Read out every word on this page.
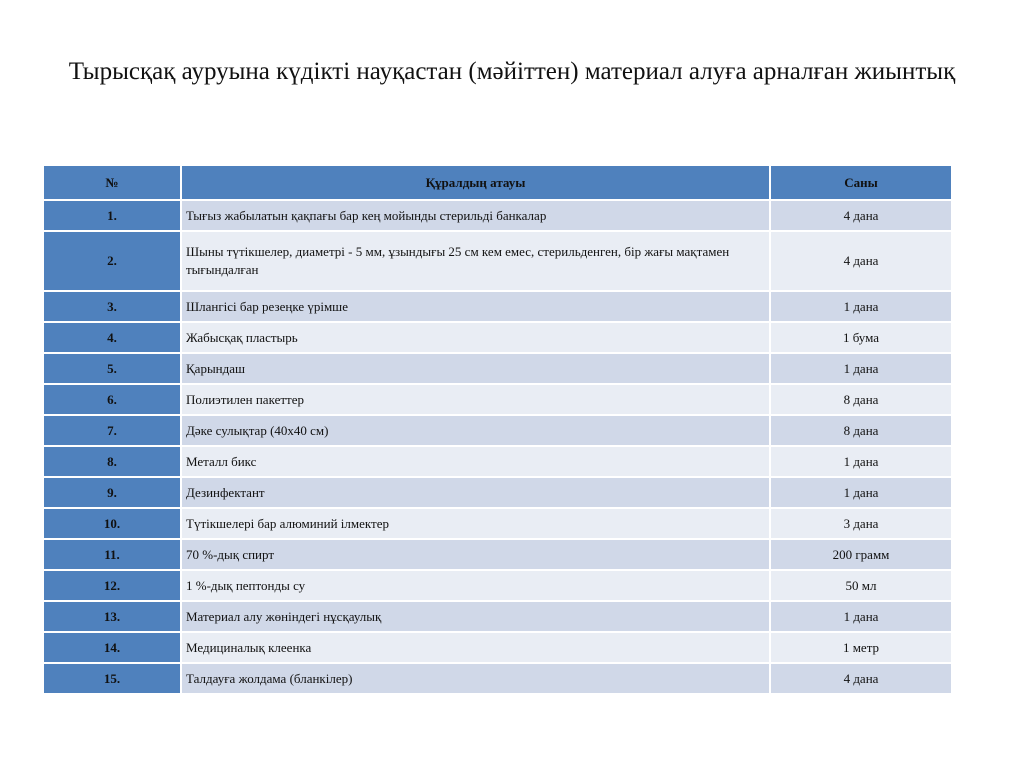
Тырысқақ ауруына күдікті науқастан (мәйіттен) материал алуға арналған жиынтық
№	Құралдың атауы	Саны
1.	Тығыз жабылатын қақпағы бар кең мойынды стерильді банкалар	4 дана
2.	Шыны түтікшелер, диаметрі - 5 мм, ұзындығы 25 см кем емес, стерильденген, бір жағы мақтамен тығындалған	4 дана
3.	Шлангісі бар резеңке үрімше	1 дана
4.	Жабысқақ пластырь	1 бума
5.	Қарындаш	1 дана
6.	Полиэтилен пакеттер	8 дана
7.	Дәке сулықтар (40х40 см)	8 дана
8.	Металл бикс	1 дана
9.	Дезинфектант	1 дана
10.	Түтікшелері бар алюминий ілмектер	3 дана
11.	70 %-дық спирт	200 грамм
12.	1 %-дық пептонды су	50 мл
13.	Материал алу жөніндегі нұсқаулық	1 дана
14.	Медициналық клеенка	1 метр
15.	Талдауға жолдама (бланкілер)	4 дана
